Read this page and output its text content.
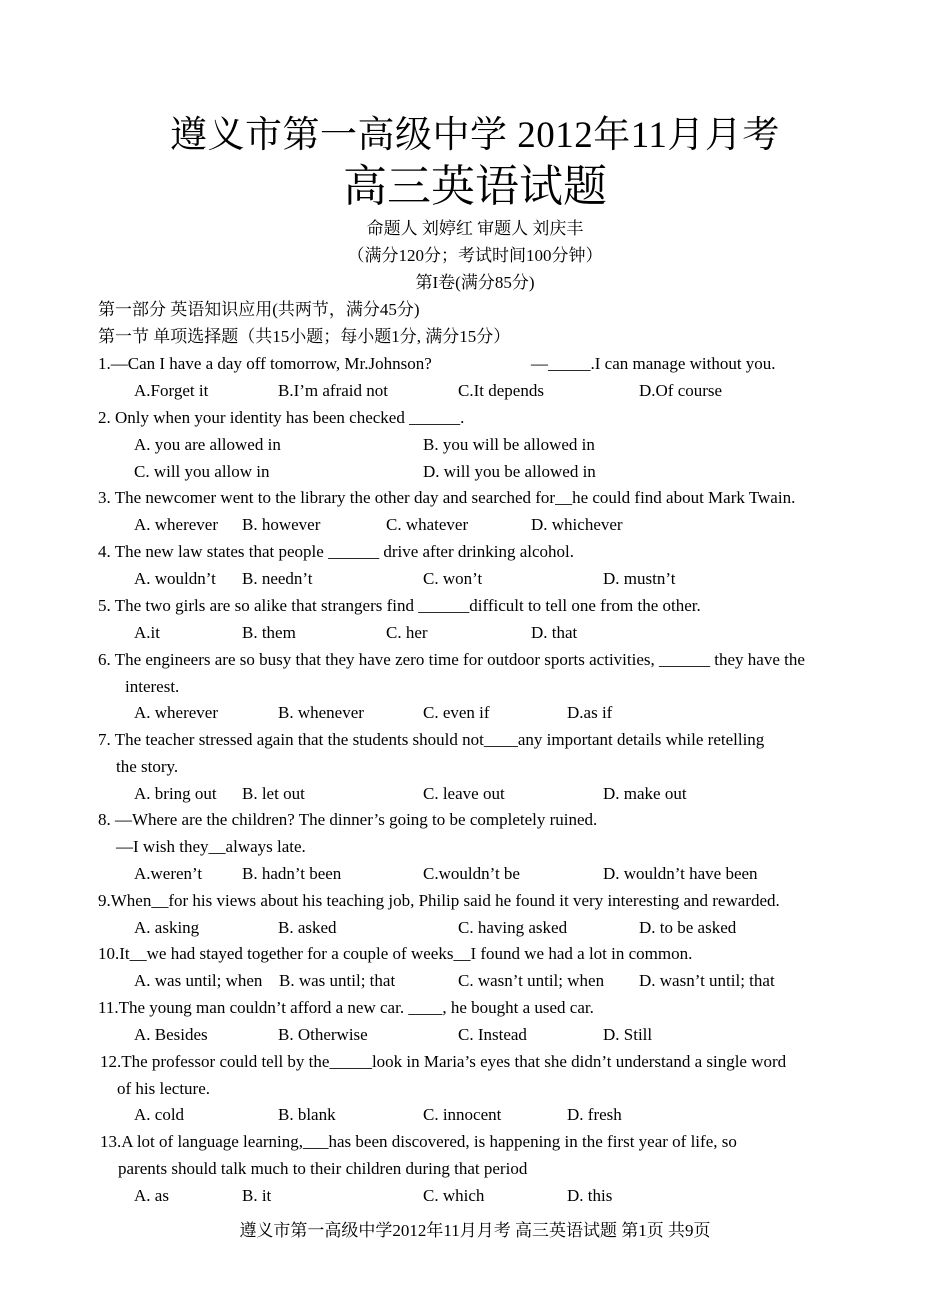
遵义市第一高级中学 2012年11月月考
高三英语试题
命题人 刘婷红 审题人 刘庆丰
（满分120分；考试时间100分钟）
第I卷(满分85分)
第一部分 英语知识应用(共两节，满分45分)
第一节 单项选择题（共15小题；每小题1分, 满分15分）
1.—Can I have a day off tomorrow, Mr.Johnson?	—_____.I can manage without you.
A.Forget it	B.I’m afraid not	C.It depends	D.Of course
2. Only when your identity has been checked ______.
A. you are allowed in	B. you will be allowed in
C. will you allow in	D. will you be allowed in
3. The newcomer went to the library the other day and searched for__he could find about Mark Twain.
A. wherever B. however	C. whatever	D. whichever
4. The new law states that people ______ drive after drinking alcohol.
A. wouldn’t B. needn’t	C. won’t	D. mustn’t
5. The two girls are so alike that strangers find ______difficult to tell one from the other.
A.it	B. them	C. her	D. that
6. The engineers are so busy that they have zero time for outdoor sports activities, ______ they have the
interest.
A. wherever	B. whenever	C. even if	D.as if
7. The teacher stressed again that the students should not____any important details while retelling
the story.
A. bring out B. let out	C. leave out	D. make out
8. —Where are the children? The dinner’s going to be completely ruined.
—I wish they__always late.
A.weren’t B. hadn’t been	C.wouldn’t be	D. wouldn’t have been
9.When__for his views about his teaching job, Philip said he found it very interesting and rewarded.
A. asking	B. asked	C. having asked	D. to be asked
10.It__we had stayed together for a couple of weeks__I found we had a lot in common.
A. was until; when B. was until; that	C. wasn’t until; when D. wasn’t until; that
11.The young man couldn’t afford a new car. ____, he bought a used car.
A. Besides	B. Otherwise	C. Instead	D. Still
12.The professor could tell by the_____look in Maria’s eyes that she didn’t understand a single word
of his lecture.
A. cold	B. blank	C. innocent	D. fresh
13.A lot of language learning,___has been discovered, is happening in the first year of life, so
parents should talk much to their children during that period
A. as	B. it	C. which	D. this
遵义市第一高级中学2012年11月月考 高三英语试题 第1页 共9页
